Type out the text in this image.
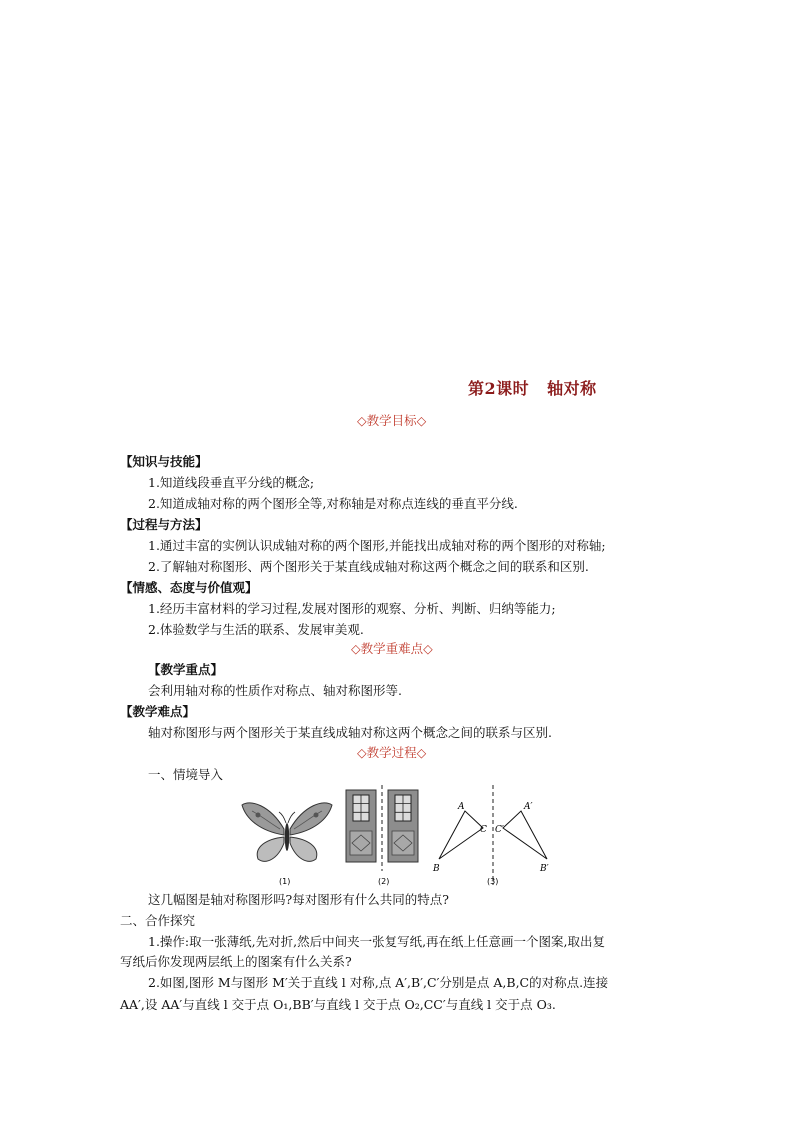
第2课时 轴对称
◇教学目标◇
【知识与技能】
1.知道线段垂直平分线的概念;
2.知道成轴对称的两个图形全等,对称轴是对称点连线的垂直平分线.
【过程与方法】
1.通过丰富的实例认识成轴对称的两个图形,并能找出成轴对称的两个图形的对称轴;
2.了解轴对称图形、两个图形关于某直线成轴对称这两个概念之间的联系和区别.
【情感、态度与价值观】
1.经历丰富材料的学习过程,发展对图形的观察、分析、判断、归纳等能力;
2.体验数学与生活的联系、发展审美观.
◇教学重难点◇
【教学重点】
会利用轴对称的性质作对称点、轴对称图形等.
【教学难点】
轴对称图形与两个图形关于某直线成轴对称这两个概念之间的联系与区别.
◇教学过程◇
一、情境导入
A
B
C
A′
B′
C′
(1)	(2)	(3)
这几幅图是轴对称图形吗?每对图形有什么共同的特点?
二、合作探究
1.操作:取一张薄纸,先对折,然后中间夹一张复写纸,再在纸上任意画一个图案,取出复
写纸后你发现两层纸上的图案有什么关系?
2.如图,图形 M与图形 M′关于直线 l 对称,点 A′,B′,C′分别是点 A,B,C的对称点.连接
AA′,设 AA′与直线 l 交于点 O₁,BB′与直线 l 交于点 O₂,CC′与直线 l 交于点 O₃.
